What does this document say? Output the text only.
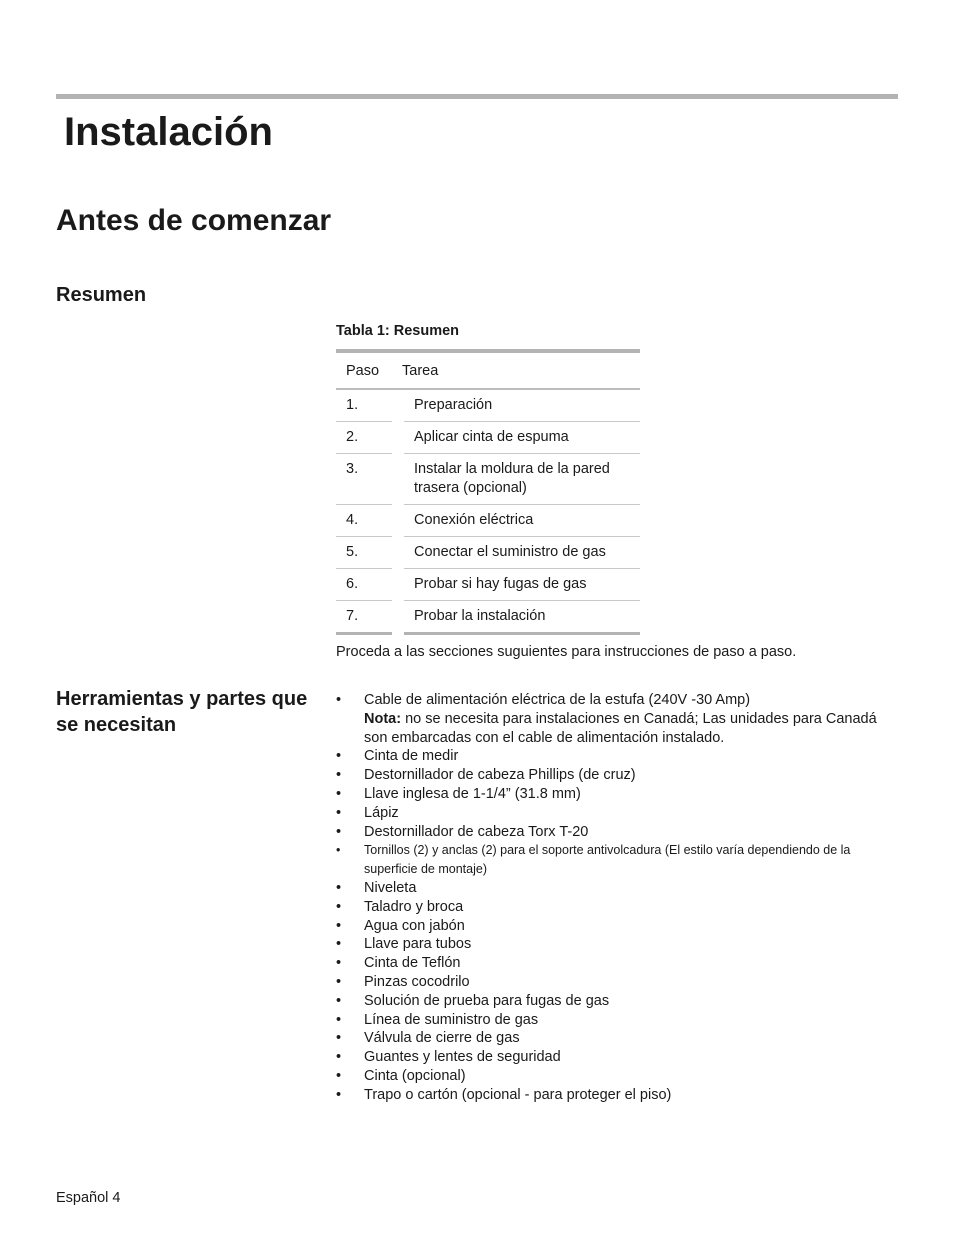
Instalación
Antes de comenzar
Resumen
Tabla 1: Resumen
Paso	Tarea
1.	Preparación
2.	Aplicar cinta de espuma
3.	Instalar la moldura de la pared trasera (opcional)
4.	Conexión eléctrica
5.	Conectar el suministro de gas
6.	Probar si hay fugas de gas
7.	Probar la instalación
Proceda a las secciones suguientes para instrucciones de paso a paso.
Herramientas y partes que se necesitan
• Cable de alimentación eléctrica de la estufa (240V -30 Amp)
Nota: no se necesita para instalaciones en Canadá; Las unidades para Canadá son embarcadas con el cable de alimentación instalado.
• Cinta de medir
• Destornillador de cabeza Phillips (de cruz)
• Llave inglesa de 1-1/4” (31.8 mm)
• Lápiz
• Destornillador de cabeza Torx T-20
• Tornillos (2) y anclas (2) para el soporte antivolcadura (El estilo varía dependiendo de la superficie de montaje)
• Niveleta
• Taladro y broca
• Agua con jabón
• Llave para tubos
• Cinta de Teflón
• Pinzas cocodrilo
• Solución de prueba para fugas de gas
• Línea de suministro de gas
• Válvula de cierre de gas
• Guantes y lentes de seguridad
• Cinta (opcional)
• Trapo o cartón (opcional - para proteger el piso)
Español 4
